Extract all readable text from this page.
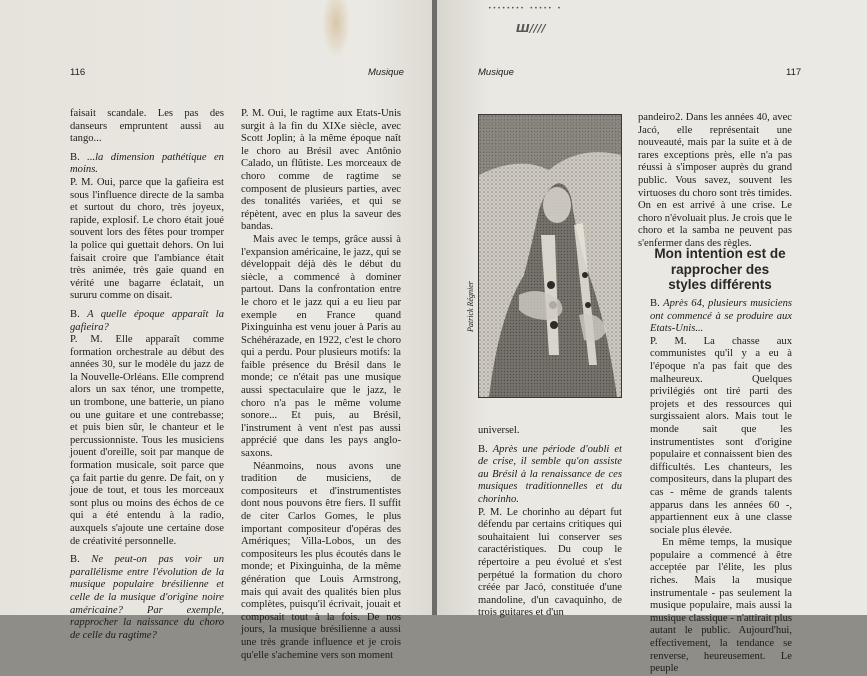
116	Musique

faisait scandale. Les pas des danseurs empruntent aussi au tango...

B. ...la dimension pathétique en moins.

P. M. Oui, parce que la gafieira est sous l'influence directe de la samba et surtout du choro, très joyeux, rapide, explosif. Le choro était joué souvent lors des fêtes pour tromper la police qui guettait dehors. On lui faisait croire que l'ambiance était très animée, très gaie quand en vérité une bagarre éclatait, un sururu comme on disait.

B. A quelle époque apparaît la gafieira?

P. M. Elle apparaît comme formation orchestrale au début des années 30, sur le modèle du jazz de la Nouvelle-Orléans. Elle comprend alors un sax ténor, une trompette, un trombone, une batterie, un piano ou une guitare et une contrebasse; et puis bien sûr, le chanteur et le percussionniste. Tous les musiciens jouent d'oreille, soit par manque de formation musicale, soit parce que ça fait partie du genre. De fait, on y joue de tout, et tous les morceaux sont plus ou moins des échos de ce qui a été entendu à la radio, auxquels s'ajoute une certaine dose de créativité personnelle.

B. Ne peut-on pas voir un parallélisme entre l'évolution de la musique populaire brésilienne et celle de la musique d'origine noire américaine? Par exemple, rapprocher la naissance du choro de celle du ragtime?

P. M. Oui, le ragtime aux Etats-Unis surgit à la fin du XIXe siècle, avec Scott Joplin; à la même époque naît le choro au Brésil avec Antônio Calado, un flûtiste. Les morceaux de choro comme de ragtime se composent de plusieurs parties, avec des tonalités variées, et qui se répètent, avec en plus la saveur des bandas.

Mais avec le temps, grâce aussi à l'expansion américaine, le jazz, qui se développait déjà dès le début du siècle, a commencé à dominer partout. Dans la confrontation entre le choro et le jazz qui a eu lieu par exemple en France quand Pixinguinha est venu jouer à Paris au Schéhérazade, en 1922, c'est le choro qui a perdu. Pour plusieurs motifs: la faible présence du Brésil dans le monde; ce n'était pas une musique aussi spectaculaire que le jazz, le choro n'a pas le même volume sonore... Et puis, au Brésil, l'instrument à vent n'est pas aussi apprécié que dans les pays anglo-saxons.

Néanmoins, nous avons une tradition de musiciens, de compositeurs et d'instrumentistes dont nous pouvons être fiers. Il suffit de citer Carlos Gomes, le plus important compositeur d'opéras des Amériques; Villa-Lobos, un des compositeurs les plus écoutés dans le monde; et Pixinguinha, de la même génération que Louis Armstrong, mais qui avait des qualités bien plus complètes, puisqu'il écrivait, jouait et composait tout à la fois. De nos jours, la musique brésilienne a aussi une très grande influence et je crois qu'elle s'achemine vers son moment

•••••••• ••••• •
Ш∕///
Musique	117
Patrick Régnier

universel.

B. Après une période d'oubli et de crise, il semble qu'on assiste au Brésil à la renaissance de ces musiques traditionnelles et du chorinho.

P. M. Le chorinho au départ fut défendu par certains critiques qui souhaitaient lui conserver ses caractéristiques. Du coup le répertoire a peu évolué et s'est perpétué la formation du choro créée par Jacó, constituée d'une mandoline, d'un cavaquinho, de trois guitares et d'un

pandeiro2. Dans les années 40, avec Jacó, elle représentait une nouveauté, mais par la suite et à de rares exceptions près, elle n'a pas réussi à s'imposer auprès du grand public. Vous savez, souvent les virtuoses du choro sont très timides. On en est arrivé à une crise. Le choro n'évoluait plus. Je crois que le choro et la samba ne peuvent pas s'enfermer dans des règles.

Mon intention est de rapprocher des styles différents

B. Après 64, plusieurs musiciens ont commencé à se produire aux Etats-Unis...

P. M. La chasse aux communistes qu'il y a eu à l'époque n'a pas fait que des malheureux. Quelques privilégiés ont tiré parti des projets et des ressources qui surgissaient alors. Mais tout le monde sait que les instrumentistes sont d'origine populaire et connaissent bien des difficultés. Les chanteurs, les compositeurs, dans la plupart des cas - même de grands talents apparus dans les années 60 -, appartiennent eux à une classe sociale plus élevée.

En même temps, la musique populaire a commencé à être acceptée par l'élite, les plus riches. Mais la musique instrumentale - pas seulement la musique populaire, mais aussi la musique classique - n'attirait plus autant le public. Aujourd'hui, effectivement, la tendance se renverse, heureusement. Le peuple
